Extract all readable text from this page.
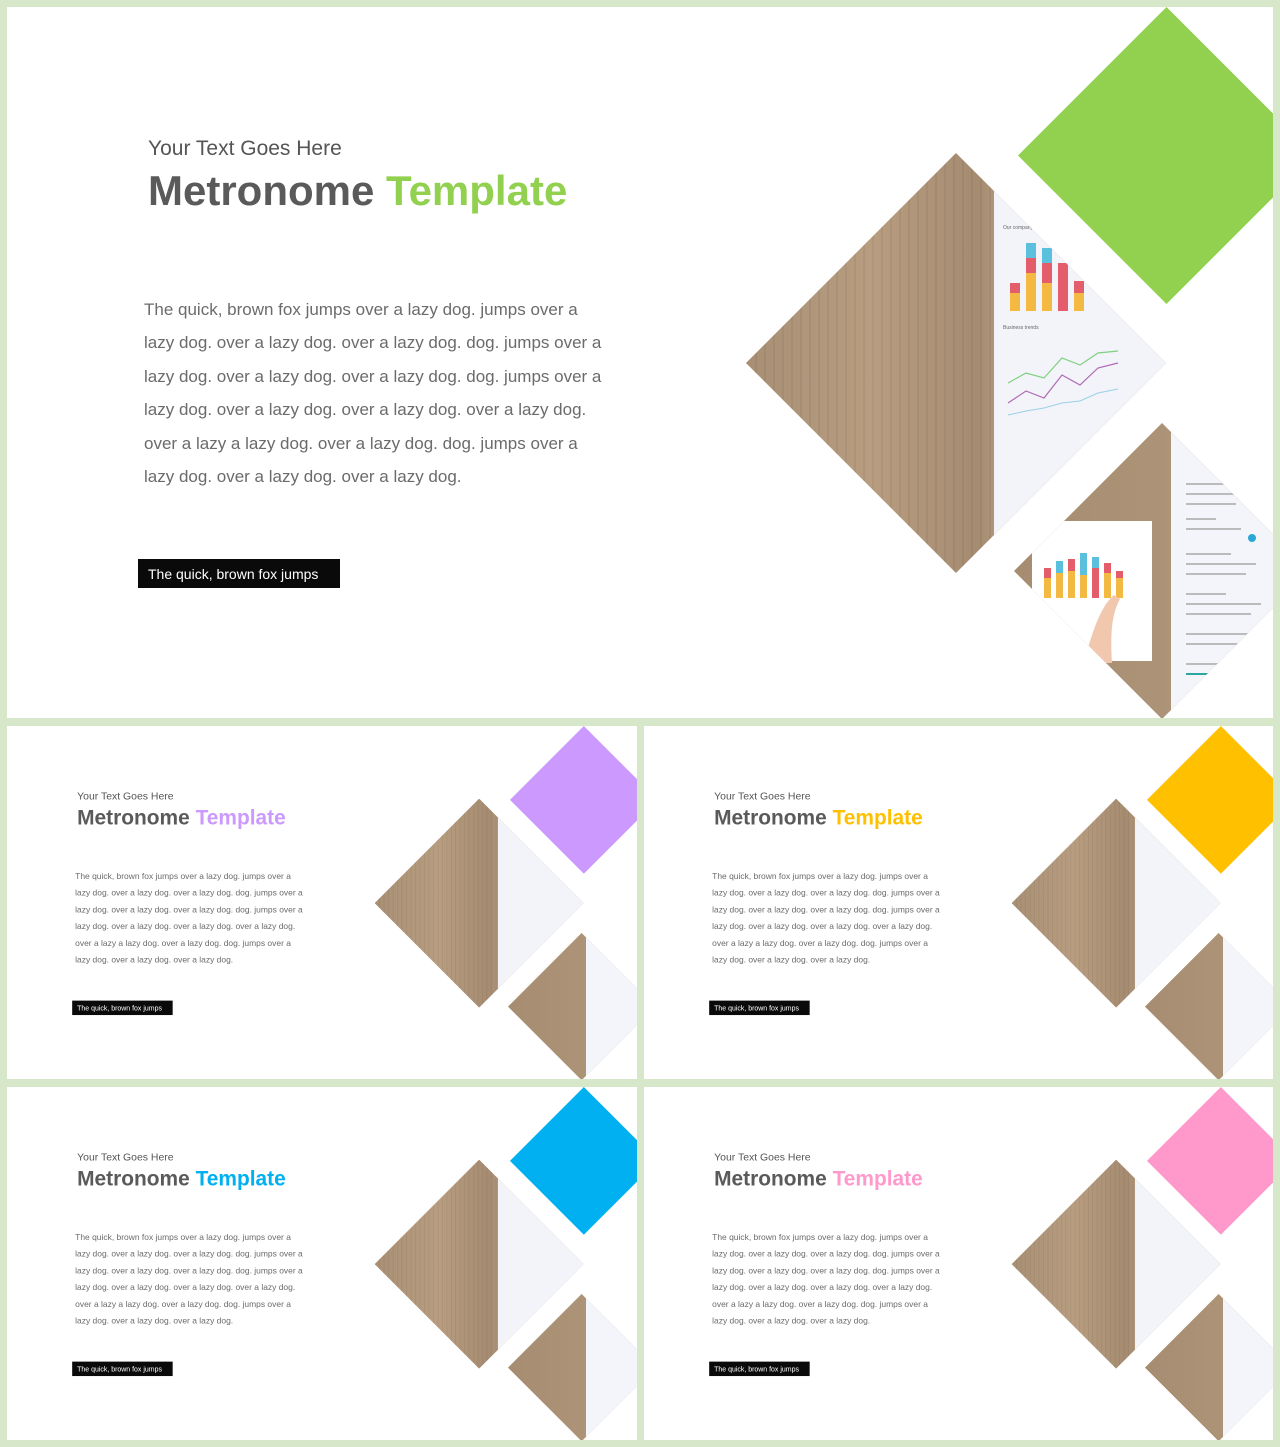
Your Text Goes Here

Metronome Template

The quick, brown fox jumps over a lazy dog. jumps over a lazy dog. over a lazy dog. over a lazy dog. dog. jumps over a lazy dog. over a lazy dog. over a lazy dog. dog. jumps over a lazy dog. over a lazy dog. over a lazy dog. over a lazy dog. over a lazy a lazy dog. over a lazy dog. dog. jumps over a lazy dog. over a lazy dog. over a lazy dog.

The quick, brown fox jumps
Our company
Business trends

Your Text Goes Here

Metronome Template

The quick, brown fox jumps over a lazy dog. jumps over a lazy dog. over a lazy dog. over a lazy dog. dog. jumps over a lazy dog. over a lazy dog. over a lazy dog. dog. jumps over a lazy dog. over a lazy dog. over a lazy dog. over a lazy dog. over a lazy a lazy dog. over a lazy dog. dog. jumps over a lazy dog. over a lazy dog. over a lazy dog.

The quick, brown fox jumps

Your Text Goes Here

Metronome Template

The quick, brown fox jumps over a lazy dog. jumps over a lazy dog. over a lazy dog. over a lazy dog. dog. jumps over a lazy dog. over a lazy dog. over a lazy dog. dog. jumps over a lazy dog. over a lazy dog. over a lazy dog. over a lazy dog. over a lazy a lazy dog. over a lazy dog. dog. jumps over a lazy dog. over a lazy dog. over a lazy dog.

The quick, brown fox jumps

Your Text Goes Here

Metronome Template

The quick, brown fox jumps over a lazy dog. jumps over a lazy dog. over a lazy dog. over a lazy dog. dog. jumps over a lazy dog. over a lazy dog. over a lazy dog. dog. jumps over a lazy dog. over a lazy dog. over a lazy dog. over a lazy dog. over a lazy a lazy dog. over a lazy dog. dog. jumps over a lazy dog. over a lazy dog. over a lazy dog.

The quick, brown fox jumps

Your Text Goes Here

Metronome Template

The quick, brown fox jumps over a lazy dog. jumps over a lazy dog. over a lazy dog. over a lazy dog. dog. jumps over a lazy dog. over a lazy dog. over a lazy dog. dog. jumps over a lazy dog. over a lazy dog. over a lazy dog. over a lazy dog. over a lazy a lazy dog. over a lazy dog. dog. jumps over a lazy dog. over a lazy dog. over a lazy dog.

The quick, brown fox jumps
